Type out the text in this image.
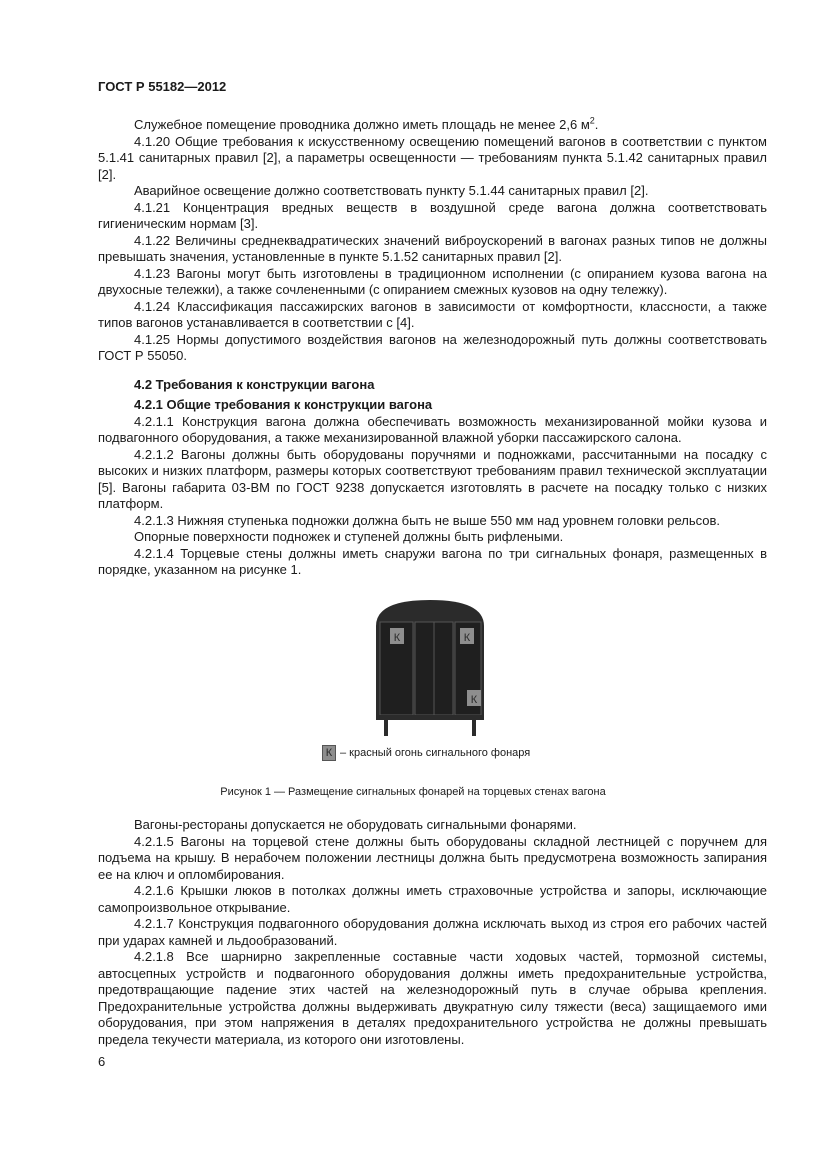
ГОСТ Р 55182—2012

Служебное помещение проводника должно иметь площадь не менее 2,6 $м^2$.

4.1.20 Общие требования к искусственному освещению помещений вагонов в соответствии с пунктом 5.1.41 санитарных правил [2], а параметры освещенности — требованиям пункта 5.1.42 санитарных правил [2].

Аварийное освещение должно соответствовать пункту 5.1.44 санитарных правил [2].

4.1.21 Концентрация вредных веществ в воздушной среде вагона должна соответствовать гигиеническим нормам [3].

4.1.22 Величины среднеквадратических значений виброускорений в вагонах разных типов не должны превышать значения, установленные в пункте 5.1.52 санитарных правил [2].

4.1.23 Вагоны могут быть изготовлены в традиционном исполнении (с опиранием кузова вагона на двухосные тележки), а также сочлененными (с опиранием смежных кузовов на одну тележку).

4.1.24 Классификация пассажирских вагонов в зависимости от комфортности, классности, а также типов вагонов устанавливается в соответствии с [4].

4.1.25 Нормы допустимого воздействия вагонов на железнодорожный путь должны соответствовать ГОСТ Р 55050.

4.2 Требования к конструкции вагона
4.2.1 Общие требования к конструкции вагона

4.2.1.1 Конструкция вагона должна обеспечивать возможность механизированной мойки кузова и подвагонного оборудования, а также механизированной влажной уборки пассажирского салона.

4.2.1.2 Вагоны должны быть оборудованы поручнями и подножками, рассчитанными на посадку с высоких и низких платформ, размеры которых соответствуют требованиям правил технической эксплуатации [5]. Вагоны габарита 03-ВМ по ГОСТ 9238 допускается изготовлять в расчете на посадку только с низких платформ.

4.2.1.3 Нижняя ступенька подножки должна быть не выше 550 мм над уровнем головки рельсов.

Опорные поверхности подножек и ступеней должны быть рифлеными.

4.2.1.4 Торцевые стены должны иметь снаружи вагона по три сигнальных фонаря, размещенных в порядке, указанном на рисунке 1.

К	К
К
К – красный огонь сигнального фонаря
Рисунок 1 — Размещение сигнальных фонарей на торцевых стенах вагона

Вагоны-рестораны допускается не оборудовать сигнальными фонарями.

4.2.1.5 Вагоны на торцевой стене должны быть оборудованы складной лестницей с поручнем для подъема на крышу. В нерабочем положении лестницы должна быть предусмотрена возможность запирания ее на ключ и опломбирования.

4.2.1.6 Крышки люков в потолках должны иметь страховочные устройства и запоры, исключающие самопроизвольное открывание.

4.2.1.7 Конструкция подвагонного оборудования должна исключать выход из строя его рабочих частей при ударах камней и льдообразований.

4.2.1.8 Все шарнирно закрепленные составные части ходовых частей, тормозной системы, автосцепных устройств и подвагонного оборудования должны иметь предохранительные устройства, предотвращающие падение этих частей на железнодорожный путь в случае обрыва крепления. Предохранительные устройства должны выдерживать двукратную силу тяжести (веса) защищаемого ими оборудования, при этом напряжения в деталях предохранительного устройства не должны превышать предела текучести материала, из которого они изготовлены.

6
